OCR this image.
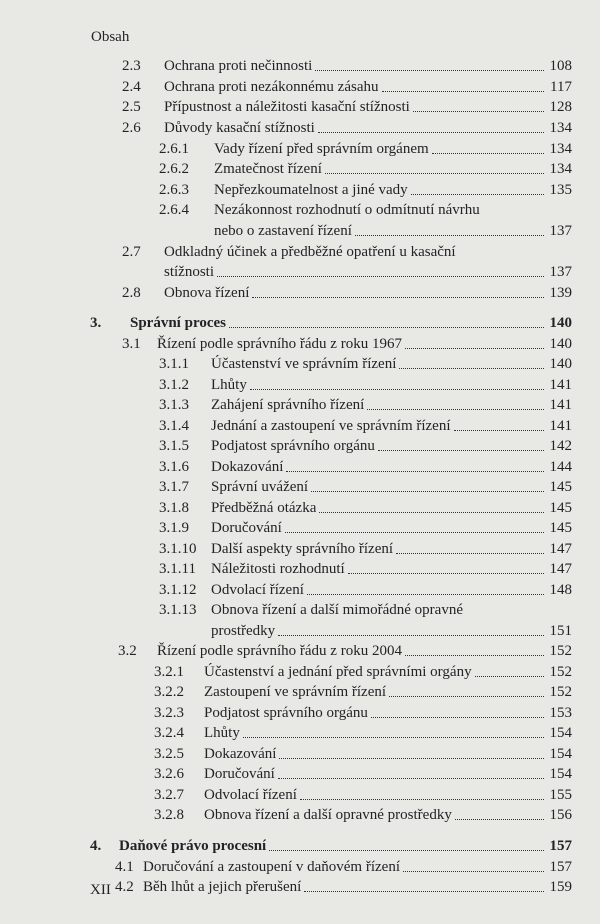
Obsah
2.3 Ochrana proti nečinnosti	108
2.4 Ochrana proti nezákonnému zásahu	117
2.5 Přípustnost a náležitosti kasační stížnosti	128
2.6 Důvody kasační stížnosti	134
2.6.1 Vady řízení před správním orgánem	134
2.6.2 Zmatečnost řízení	134
2.6.3 Nepřezkoumatelnost a jiné vady	135
2.6.4 Nezákonnost rozhodnutí o odmítnutí návrhu
nebo o zastavení řízení	137
2.7 Odkladný účinek a předběžné opatření u kasační
stížnosti	137
2.8 Obnova řízení	139
3. Správní proces	140
3.1 Řízení podle správního řádu z roku 1967	140
3.1.1 Účastenství ve správním řízení	140
3.1.2 Lhůty	141
3.1.3 Zahájení správního řízení	141
3.1.4 Jednání a zastoupení ve správním řízení	141
3.1.5 Podjatost správního orgánu	142
3.1.6 Dokazování	144
3.1.7 Správní uvážení	145
3.1.8 Předběžná otázka	145
3.1.9 Doručování	145
3.1.10 Další aspekty správního řízení	147
3.1.11 Náležitosti rozhodnutí	147
3.1.12 Odvolací řízení	148
3.1.13 Obnova řízení a další mimořádné opravné
prostředky	151
3.2 Řízení podle správního řádu z roku 2004	152
3.2.1 Účastenství a jednání před správními orgány	152
3.2.2 Zastoupení ve správním řízení	152
3.2.3 Podjatost správního orgánu	153
3.2.4 Lhůty	154
3.2.5 Dokazování	154
3.2.6 Doručování	154
3.2.7 Odvolací řízení	155
3.2.8 Obnova řízení a další opravné prostředky	156
4. Daňové právo procesní	157
4.1 Doručování a zastoupení v daňovém řízení	157
4.2 Běh lhůt a jejich přerušení	159
XII
